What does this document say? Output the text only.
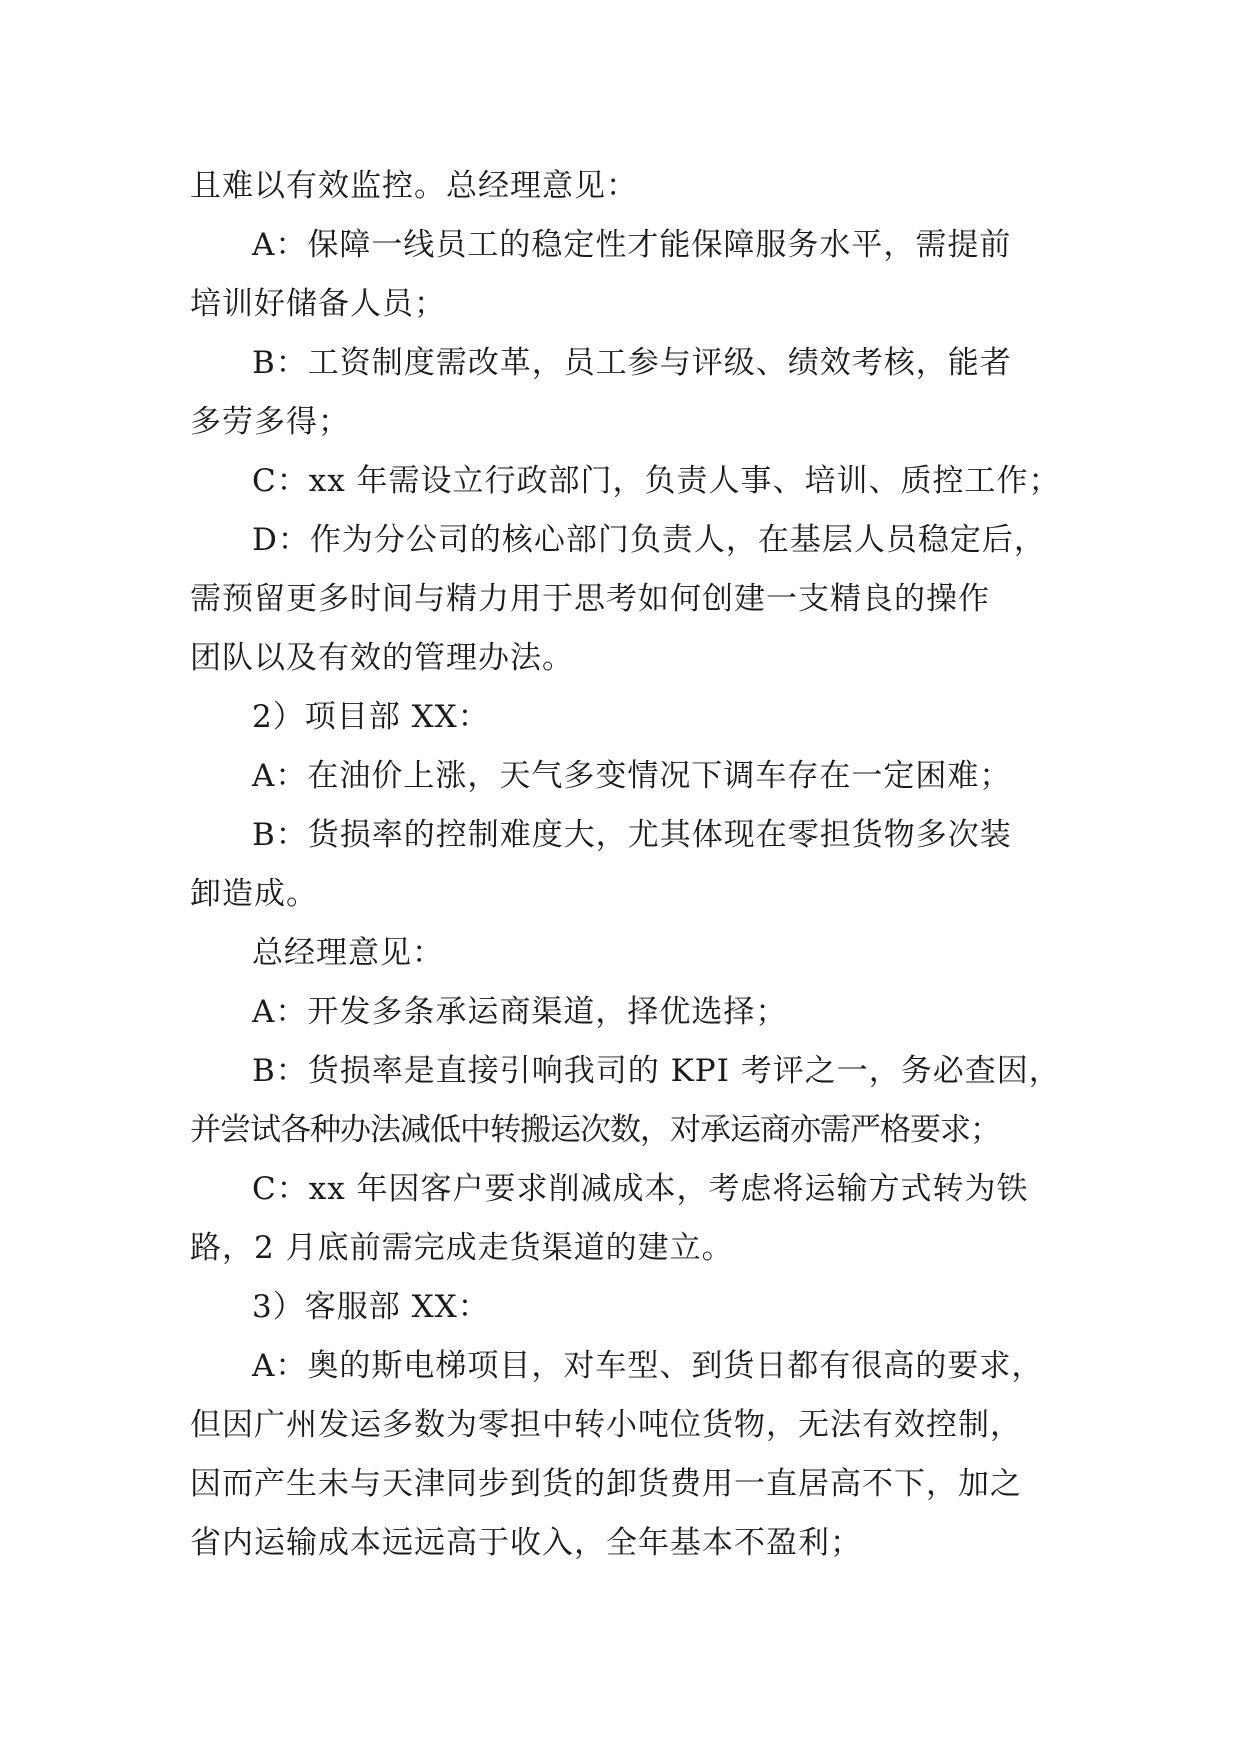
且难以有效监控。总经理意见：

A：保障一线员工的稳定性才能保障服务水平，需提前

培训好储备人员；

B：工资制度需改革，员工参与评级、绩效考核，能者

多劳多得；

C：xx 年需设立行政部门，负责人事、培训、质控工作；

D：作为分公司的核心部门负责人，在基层人员稳定后，

需预留更多时间与精力用于思考如何创建一支精良的操作

团队以及有效的管理办法。

2）项目部 XX：

A：在油价上涨，天气多变情况下调车存在一定困难；

B：货损率的控制难度大，尤其体现在零担货物多次装

卸造成。

总经理意见：

A：开发多条承运商渠道，择优选择；

B：货损率是直接引响我司的 KPI 考评之一，务必查因，

并尝试各种办法减低中转搬运次数，对承运商亦需严格要求；

C：xx 年因客户要求削减成本，考虑将运输方式转为铁

路，2 月底前需完成走货渠道的建立。

3）客服部 XX：

A：奥的斯电梯项目，对车型、到货日都有很高的要求，

但因广州发运多数为零担中转小吨位货物，无法有效控制，

因而产生未与天津同步到货的卸货费用一直居高不下，加之

省内运输成本远远高于收入，全年基本不盈利；
